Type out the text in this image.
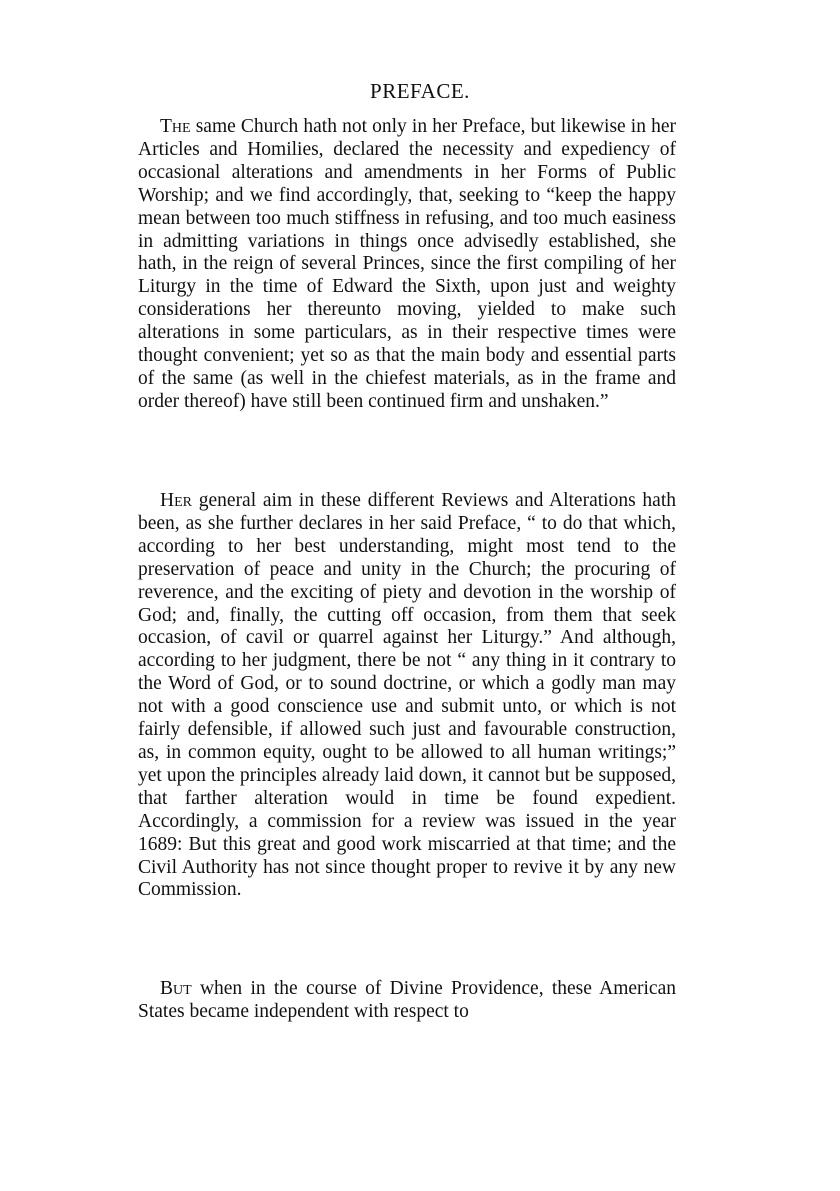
PREFACE.

The same Church hath not only in her Preface, but likewise in her Articles and Homilies, declared the necessity and expediency of occasional alterations and amendments in her Forms of Public Worship; and we find accordingly, that, seeking to “keep the happy mean between too much stiffness in refusing, and too much easiness in admitting variations in things once advisedly established, she hath, in the reign of several Princes, since the first compiling of her Liturgy in the time of Edward the Sixth, upon just and weighty considerations her thereunto moving, yielded to make such alterations in some particulars, as in their respective times were thought convenient; yet so as that the main body and essential parts of the same (as well in the chiefest materials, as in the frame and order thereof) have still been continued firm and unshaken.”

Her general aim in these different Reviews and Alterations hath been, as she further declares in her said Preface, “ to do that which, according to her best understanding, might most tend to the preservation of peace and unity in the Church; the procuring of reverence, and the exciting of piety and devotion in the worship of God; and, finally, the cutting off occasion, from them that seek occasion, of cavil or quarrel against her Liturgy.” And although, according to her judgment, there be not “ any thing in it contrary to the Word of God, or to sound doctrine, or which a godly man may not with a good conscience use and submit unto, or which is not fairly defensible, if allowed such just and favourable construction, as, in common equity, ought to be allowed to all human writings;” yet upon the principles already laid down, it cannot but be supposed, that farther alteration would in time be found expedient. Accordingly, a commission for a review was issued in the year 1689: But this great and good work miscarried at that time; and the Civil Authority has not since thought proper to revive it by any new Commission.

But when in the course of Divine Providence, these American States became independent with respect to
